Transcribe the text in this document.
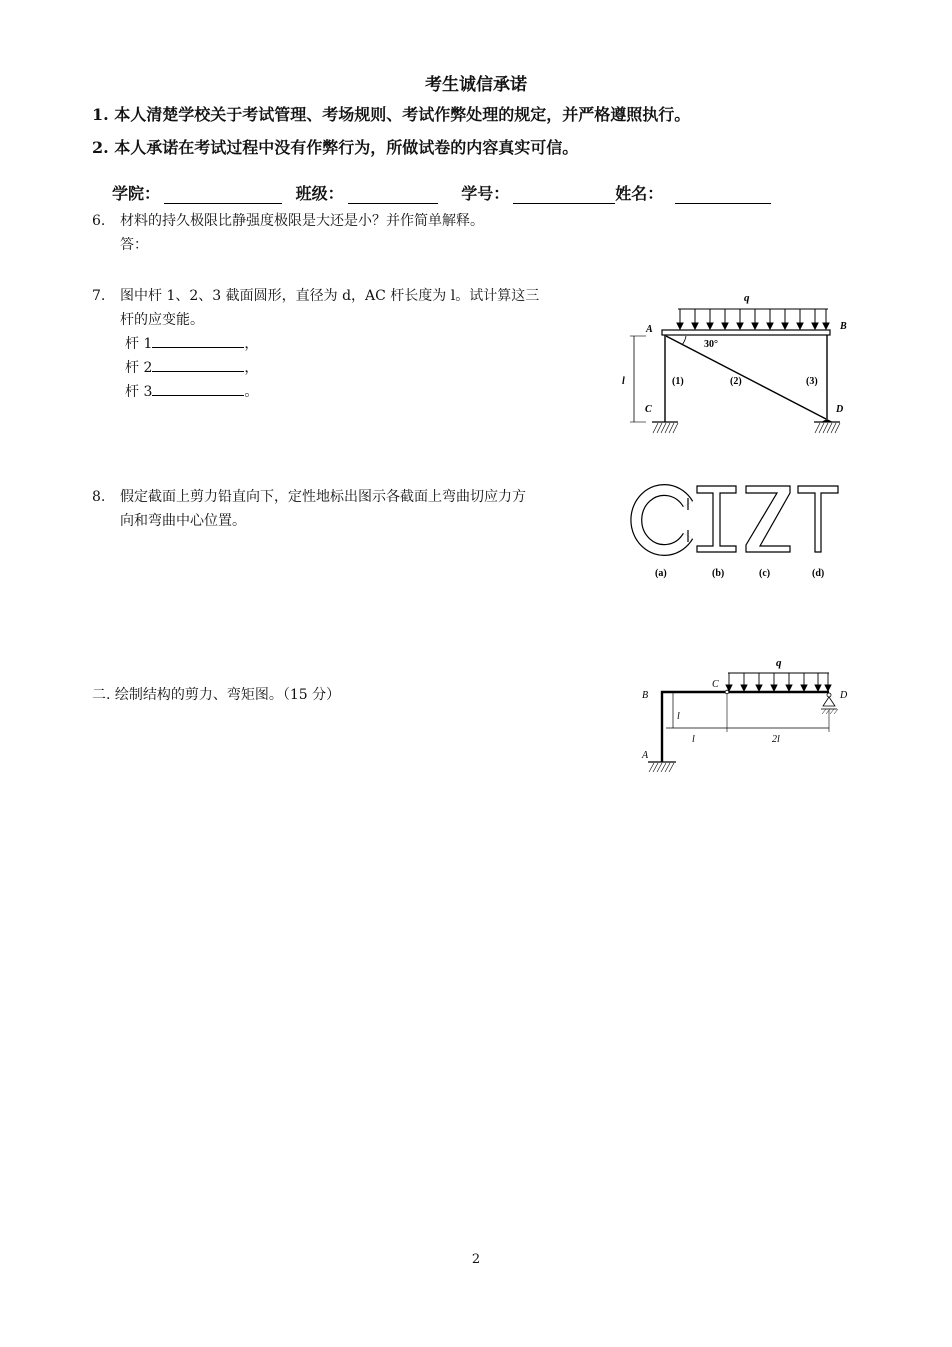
考生诚信承诺
1. 本人清楚学校关于考试管理、考场规则、考试作弊处理的规定，并严格遵照执行。
2. 本人承诺在考试过程中没有作弊行为，所做试卷的内容真实可信。
学院：	班级：	学号：	姓名：
6. 材料的持久极限比静强度极限是大还是小？并作简单解释。
答：
7. 图中杆 1、2、3 截面圆形，直径为 d，AC 杆长度为 l。试计算这三
杆的应变能。
杆 1	，
杆 2	，
杆 3	。
q
A	B
30°
(1)	(2)	(3)
l
C	D
8. 假定截面上剪力铅直向下，定性地标出图示各截面上弯曲切应力方
向和弯曲中心位置。
(a)	(b)	(c)	(d)
二. 绘制结构的剪力、弯矩图。（15 分）
q
B
C
D
A
l
l	2l
2
